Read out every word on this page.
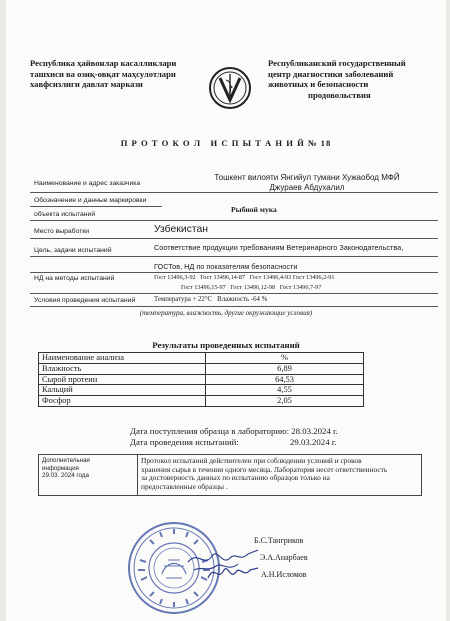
Республика ҳайвонлар касалликлари
ташхиси ва озиқ-овқат маҳсулотлари
хавфсизлиги давлат маркази
Республиканский государственный
центр диагностики заболеваний
животных и безопасности
продовольствия
П Р О Т О К О Л   И С П Ы Т А Н И Й № 18
Наименование и адрес заказчика
Тошкент вилояти Янгийул тумани Хужаобод МФЙ
Джураев Абдухалил
Обозначение и данные маркировки
объекта испытаний
Рыбной мука
Место выработки	Узбекистан
Цель, задачи испытаний	Соответствие продукции требованиям Ветеринарного Законодательства,
ГОСТов, НД по показателям безопасности
НД на методы испытаний	Гост 13496,3-92   Гост 13496,14-87   Гост 13496,4-93 Гост 13496,2-91
Гост 13496,15-97   Гост 13496,12-98   Гост 13496,7-97
Условия проведения испытаний	Температура + 22°С   Влажность -64 %
(температура, влажность, другие окружающие условия)
Результаты проведенных испытаний
Наименование анализа	%
Влажность	6,89
Сырой протеин	64,53
Кальций	4,55
Фосфор	2,05
Дата поступления образца в лабораторию: 28.03.2024 г.
Дата проведения испытаний:	29.03.2024 г.
Дополнительная
информация
29.03. 2024 года

Протокол испытаний действителен при соблюдении условий и сроков
хранения сырья в течении одного месяца. Лаборатория несет ответственность
за достоверность данных по испытанию образцов только на
предоставленные образцы .
Б.С.Тангриков
Э.А.Анарбаев
А.Н.Исломов
